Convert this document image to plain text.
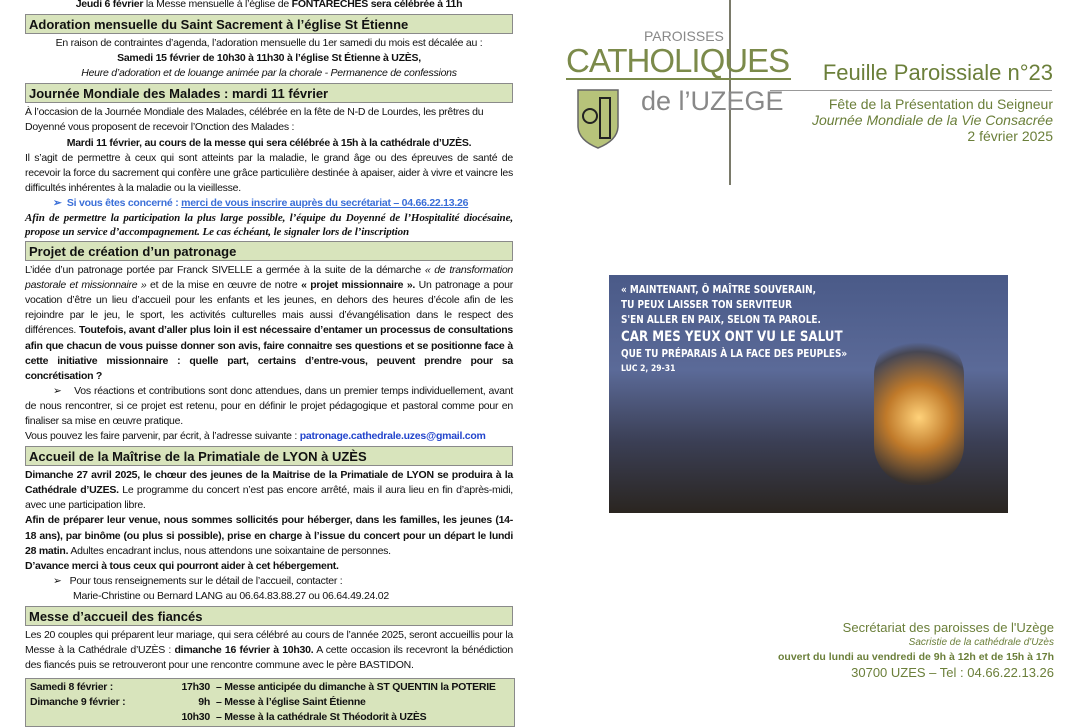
Jeudi 6 février la Messe mensuelle à l’église de FONTARECHES sera célébrée à 11h
Adoration mensuelle du Saint Sacrement à l’église St Étienne
En raison de contraintes d’agenda, l’adoration mensuelle du 1er samedi du mois est décalée au :
Samedi 15 février de 10h30 à 11h30 à l’église St Étienne à UZÈS,
Heure d’adoration et de louange animée par la chorale - Permanence de confessions
Journée Mondiale des Malades : mardi 11 février
À l’occasion de la Journée Mondiale des Malades, célébrée en la fête de N-D de Lourdes, les prêtres du Doyenné vous proposent de recevoir l’Onction des Malades :
Mardi 11 février, au cours de la messe qui sera célébrée à 15h à la cathédrale d’UZÈS.
Il s’agit de permettre à ceux qui sont atteints par la maladie, le grand âge ou des épreuves de santé de recevoir la force du sacrement qui confère une grâce particulière destinée à apaiser, aider à vivre et vaincre les difficultés inhérentes à la maladie ou la vieillesse.
➢  Si vous êtes concerné : merci de vous inscrire auprès du secrétariat – 04.66.22.13.26
Afin de permettre la participation la plus large possible, l’équipe du Doyenné de l’Hospitalité diocésaine, propose un service d’accompagnement. Le cas échéant, le signaler lors de l’inscription
Projet de création d’un patronage
L’idée d’un patronage portée par Franck SIVELLE a germée à la suite de la démarche « de transformation pastorale et missionnaire » et de la mise en œuvre de notre « projet missionnaire ». Un patronage a pour vocation d’être un lieu d’accueil pour les enfants et les jeunes, en dehors des heures d’école afin de les rejoindre par le jeu, le sport, les activités culturelles mais aussi d’évangélisation dans le respect des différences. Toutefois, avant d’aller plus loin il est nécessaire d’entamer un processus de consultations afin que chacun de vous puisse donner son avis, faire connaitre ses questions et se positionne face à cette initiative missionnaire : quelle part, certains d’entre-vous, peuvent prendre pour sa concrétisation ?
➢    Vos réactions et contributions sont donc attendues, dans un premier temps individuellement, avant de nous rencontrer, si ce projet est retenu, pour en définir le projet pédagogique et pastoral comme pour en finaliser sa mise en œuvre pratique.
Vous pouvez les faire parvenir, par écrit, à l’adresse suivante : patronage.cathedrale.uzes@gmail.com
Accueil de la Maîtrise de la Primatiale de LYON à UZÈS
Dimanche 27 avril 2025, le chœur des jeunes de la Maitrise de la Primatiale de LYON se produira à la Cathédrale d’UZES. Le programme du concert n’est pas encore arrêté, mais il aura lieu en fin d’après-midi, avec une participation libre.
Afin de préparer leur venue, nous sommes sollicités pour héberger, dans les familles, les jeunes (14-18 ans), par binôme (ou plus si possible), prise en charge à l’issue du concert pour un départ le lundi 28 matin. Adultes encadrant inclus, nous attendons une soixantaine de personnes.
D’avance merci à tous ceux qui pourront aider à cet hébergement.
➢   Pour tous renseignements sur le détail de l’accueil, contacter :
Marie-Christine ou Bernard LANG au 06.64.83.88.27 ou 06.64.49.24.02
Messe d’accueil des fiancés
Les 20 couples qui préparent leur mariage, qui sera célébré au cours de l’année 2025, seront accueillis pour la Messe à la Cathédrale d’UZÈS : dimanche 16 février à 10h30. A cette occasion ils recevront la bénédiction des fiancés puis se retrouveront pour une rencontre commune avec le père BASTIDON.
Samedi 8 février :	17h30 – Messe anticipée du dimanche à ST QUENTIN la POTERIE
Dimanche 9 février :	9h – Messe à l’église Saint Étienne
10h30 – Messe à la cathédrale St Théodorit à UZÈS
PAROISSES
CATHOLIQUES
de l’UZEGE
Feuille Paroissiale n°23
Fête de la Présentation du Seigneur
Journée Mondiale de la Vie Consacrée
2 février 2025
« MAINTENANT, Ô MAÎTRE SOUVERAIN,
TU PEUX LAISSER TON SERVITEUR
S'EN ALLER EN PAIX, SELON TA PAROLE.
CAR MES YEUX ONT VU LE SALUT
QUE TU PRÉPARAIS À LA FACE DES PEUPLES»
LUC 2, 29-31
Secrétariat des paroisses de l'Uzège
Sacristie de la cathédrale d'Uzès
ouvert du lundi au vendredi de 9h à 12h et de 15h à 17h
30700 UZES – Tel : 04.66.22.13.26
